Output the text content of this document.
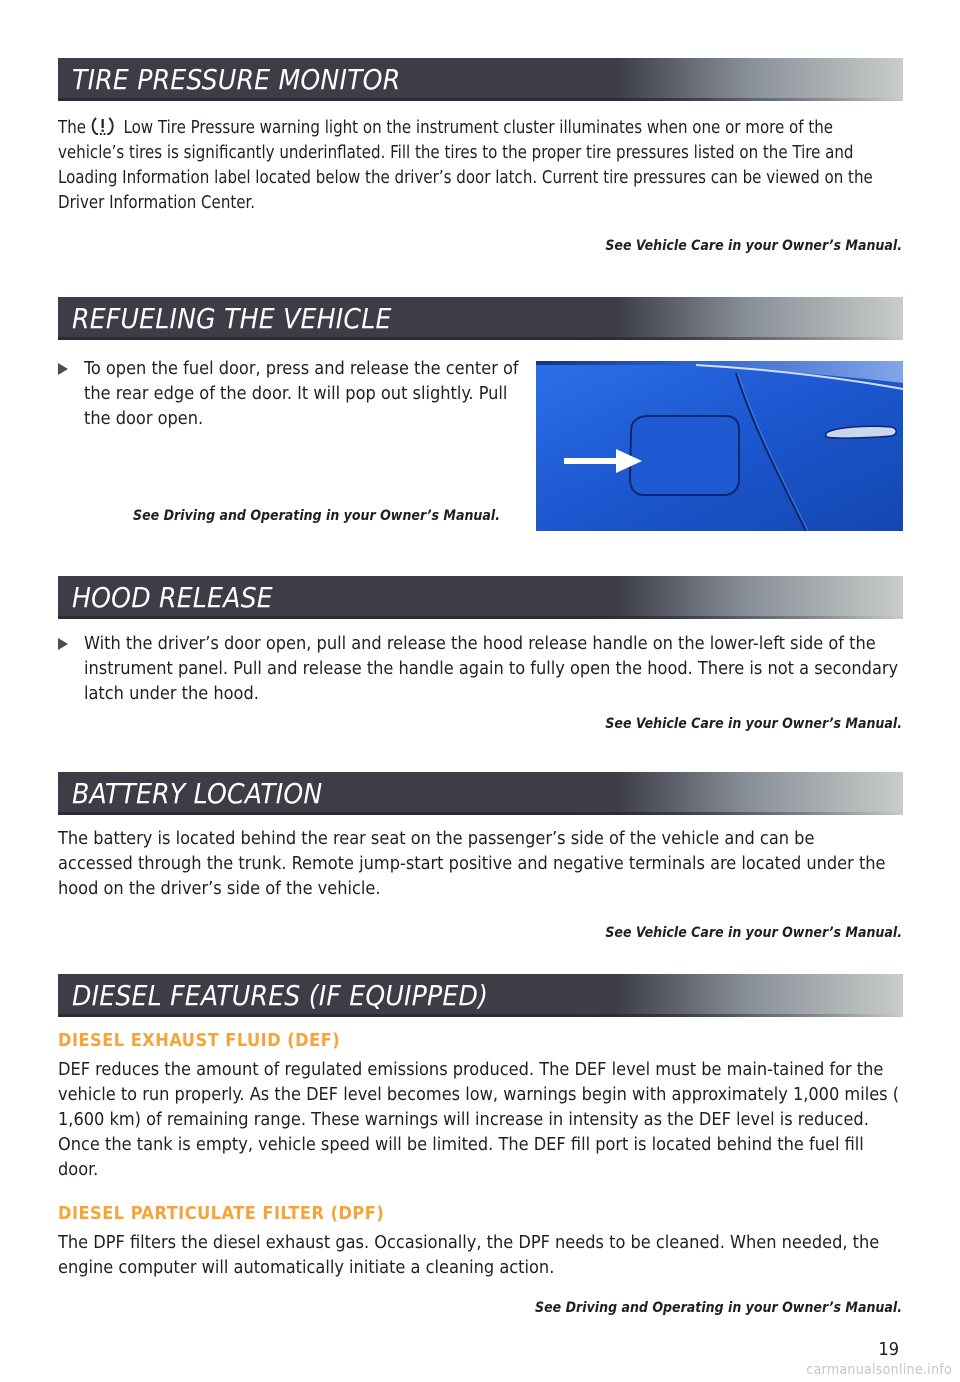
TIRE PRESSURE MONITOR
The Low Tire Pressure warning light on the instrument cluster illuminates when one or more of the vehicle’s tires is significantly underinflated. Fill the tires to the proper tire pressures listed on the Tire and Loading Information label located below the driver’s door latch. Current tire pressures can be viewed on the Driver Information Center.
See Vehicle Care in your Owner’s Manual.
REFUELING THE VEHICLE
To open the fuel door, press and release the center of the rear edge of the door. It will pop out slightly. Pull the door open.
See Driving and Operating in your Owner’s Manual.
HOOD RELEASE
With the driver’s door open, pull and release the hood release handle on the lower-left side of the instrument panel. Pull and release the handle again to fully open the hood. There is not a secondary latch under the hood.
See Vehicle Care in your Owner’s Manual.
BATTERY LOCATION
The battery is located behind the rear seat on the passenger’s side of the vehicle and can be accessed through the trunk. Remote jump-start positive and negative terminals are located under the hood on the driver’s side of the vehicle.
See Vehicle Care in your Owner’s Manual.
DIESEL FEATURES (IF EQUIPPED)
DIESEL EXHAUST FLUID (DEF)
DEF reduces the amount of regulated emissions produced. The DEF level must be main-tained for the vehicle to run properly. As the DEF level becomes low, warnings begin with approximately 1,000 miles ( 1,600 km) of remaining range. These warnings will increase in intensity as the DEF level is reduced. Once the tank is empty, vehicle speed will be limited. The DEF fill port is located behind the fuel fill door.
DIESEL PARTICULATE FILTER (DPF)
The DPF filters the diesel exhaust gas. Occasionally, the DPF needs to be cleaned. When needed, the engine computer will automatically initiate a cleaning action.
See Driving and Operating in your Owner’s Manual.
19
carmanualsonline.info
